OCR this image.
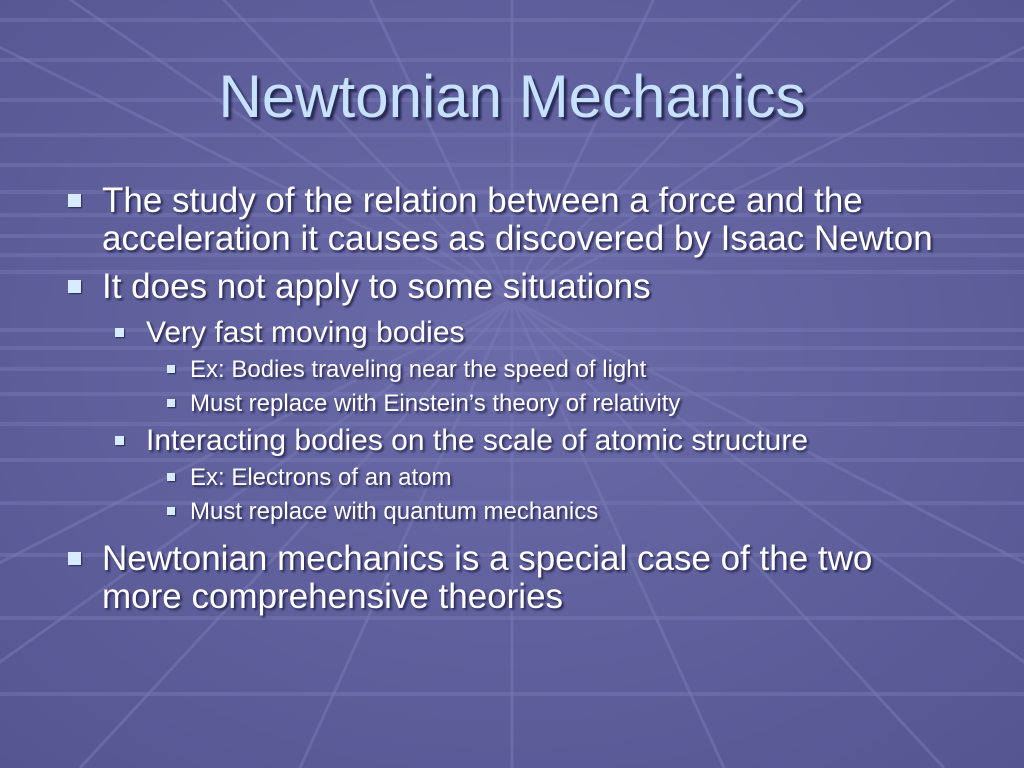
Newtonian Mechanics
The study of the relation between a force and the acceleration it causes as discovered by Isaac Newton
It does not apply to some situations
Very fast moving bodies
Ex: Bodies traveling near the speed of light
Must replace with Einstein’s theory of relativity
Interacting bodies on the scale of atomic structure
Ex: Electrons of an atom
Must replace with quantum mechanics
Newtonian mechanics is a special case of the two more comprehensive theories
